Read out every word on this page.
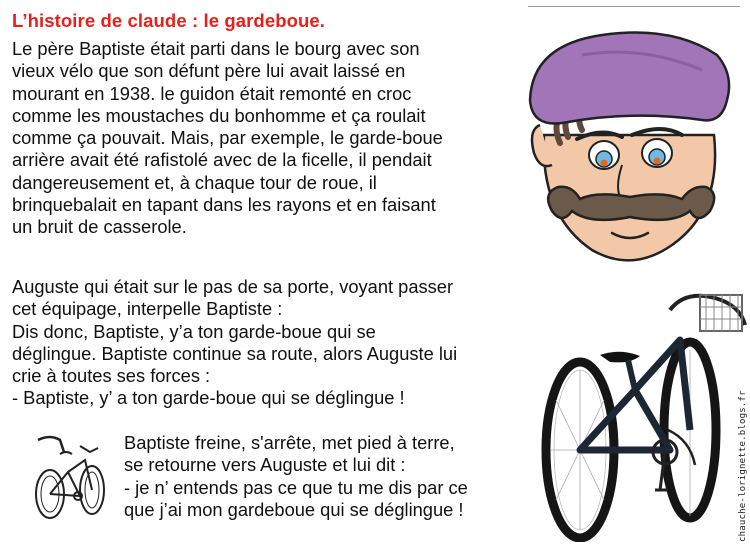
L’histoire de claude : le gardeboue.
Le père Baptiste était parti dans le bourg avec son
vieux vélo que son défunt père lui avait laissé en
mourant en 1938. le guidon était remonté en croc
comme les moustaches du bonhomme et ça roulait
comme ça pouvait. Mais, par exemple, le garde-boue
arrière avait été rafistolé avec de la ficelle, il pendait
dangereusement et, à chaque tour de roue, il
brinquebalait en tapant dans les rayons et en faisant
un bruit de casserole.
Auguste qui était sur le pas de sa porte, voyant passer
cet équipage, interpelle Baptiste :
Dis donc, Baptiste, y’a ton garde-boue qui se
déglingue. Baptiste continue sa route, alors Auguste lui
crie à toutes ses forces :
- Baptiste, y’ a ton garde-boue qui se déglingue !
Baptiste freine, s'arrête, met pied à terre,
se retourne vers Auguste et lui dit :
- je n’ entends pas ce que tu me dis par ce
que j’ai mon gardeboue qui se déglingue !	chauche-lorignette.blogs.fr
